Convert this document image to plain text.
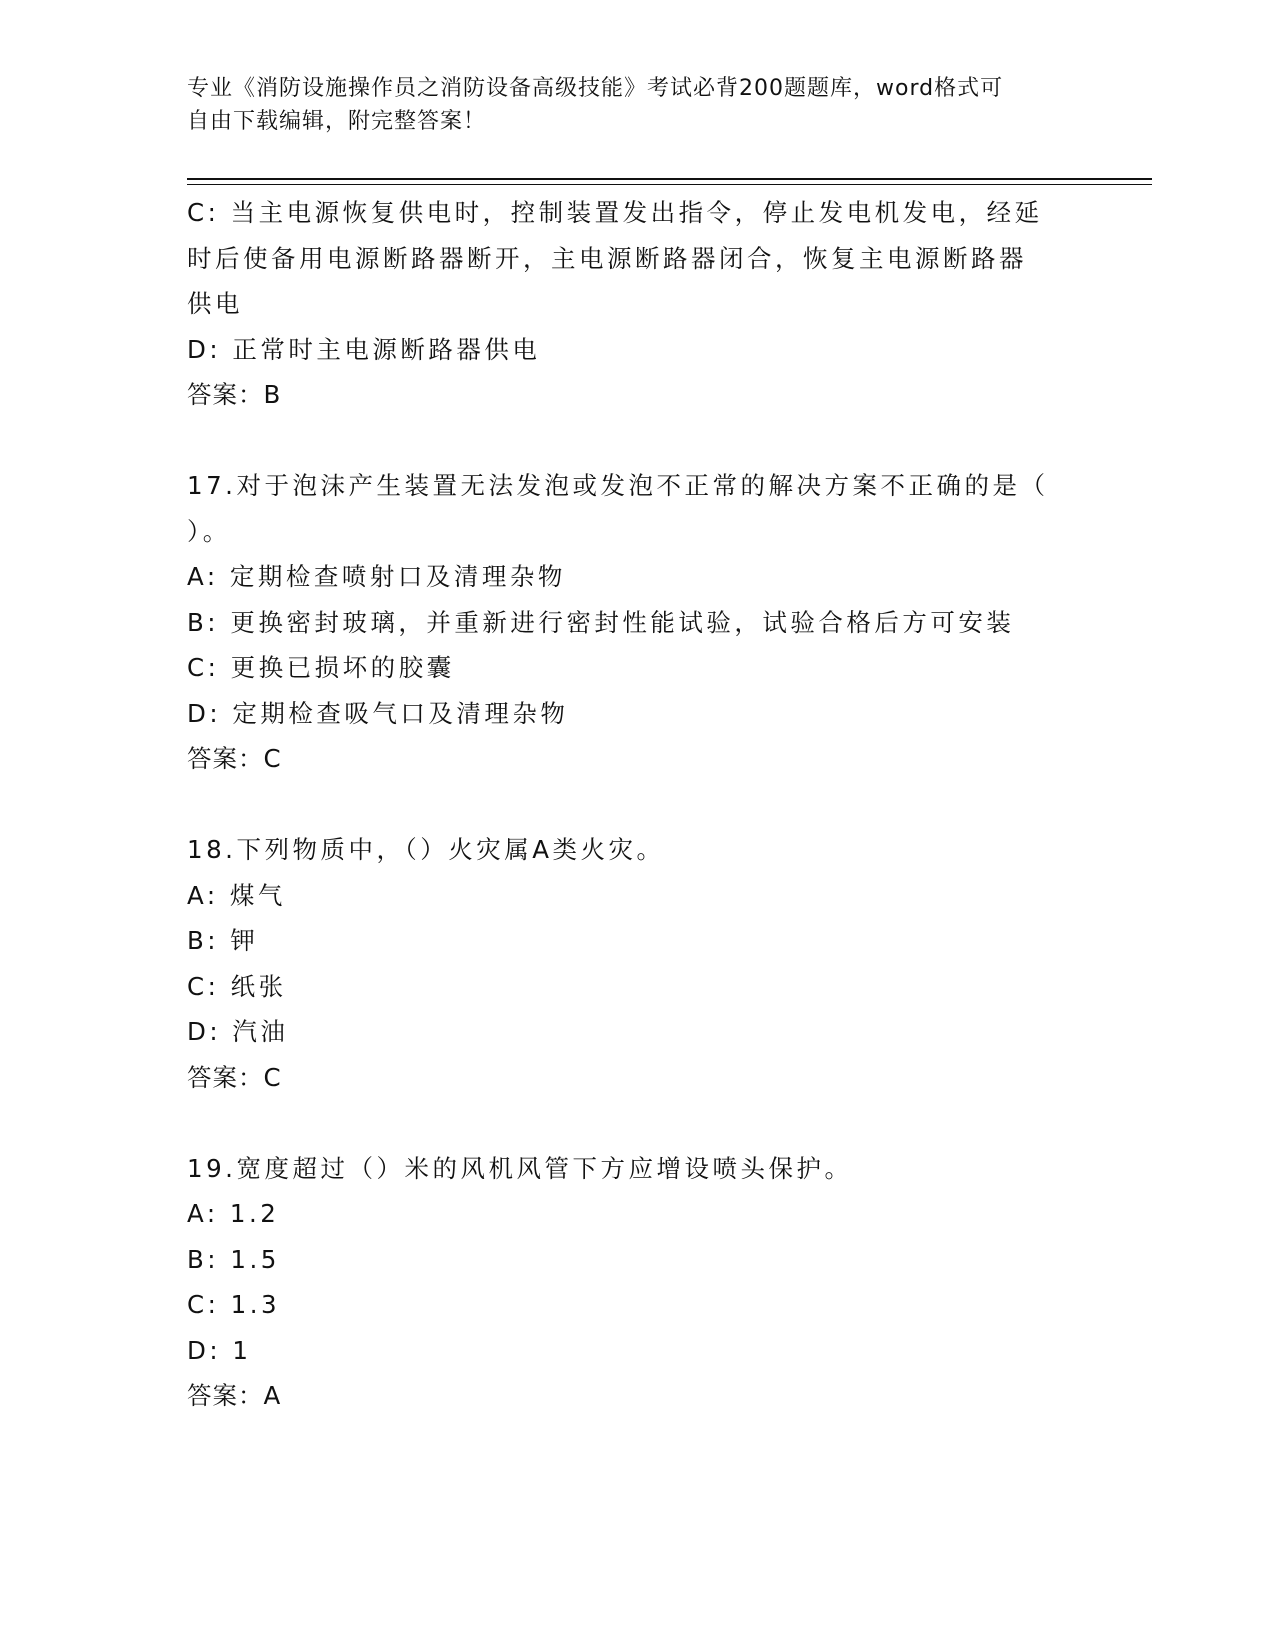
专业《消防设施操作员之消防设备高级技能》考试必背200题题库，word格式可
自由下载编辑，附完整答案！
C: 当主电源恢复供电时，控制装置发出指令，停止发电机发电，经延
时后使备用电源断路器断开，主电源断路器闭合，恢复主电源断路器
供电
D: 正常时主电源断路器供电
答案：B
17.对于泡沫产生装置无法发泡或发泡不正常的解决方案不正确的是（
）。
A: 定期检查喷射口及清理杂物
B: 更换密封玻璃，并重新进行密封性能试验，试验合格后方可安装
C: 更换已损坏的胶囊
D: 定期检查吸气口及清理杂物
答案：C
18.下列物质中，（）火灾属A类火灾。
A: 煤气
B: 钾
C: 纸张
D: 汽油
答案：C
19.宽度超过（）米的风机风管下方应增设喷头保护。
A: 1.2
B: 1.5
C: 1.3
D: 1
答案：A
